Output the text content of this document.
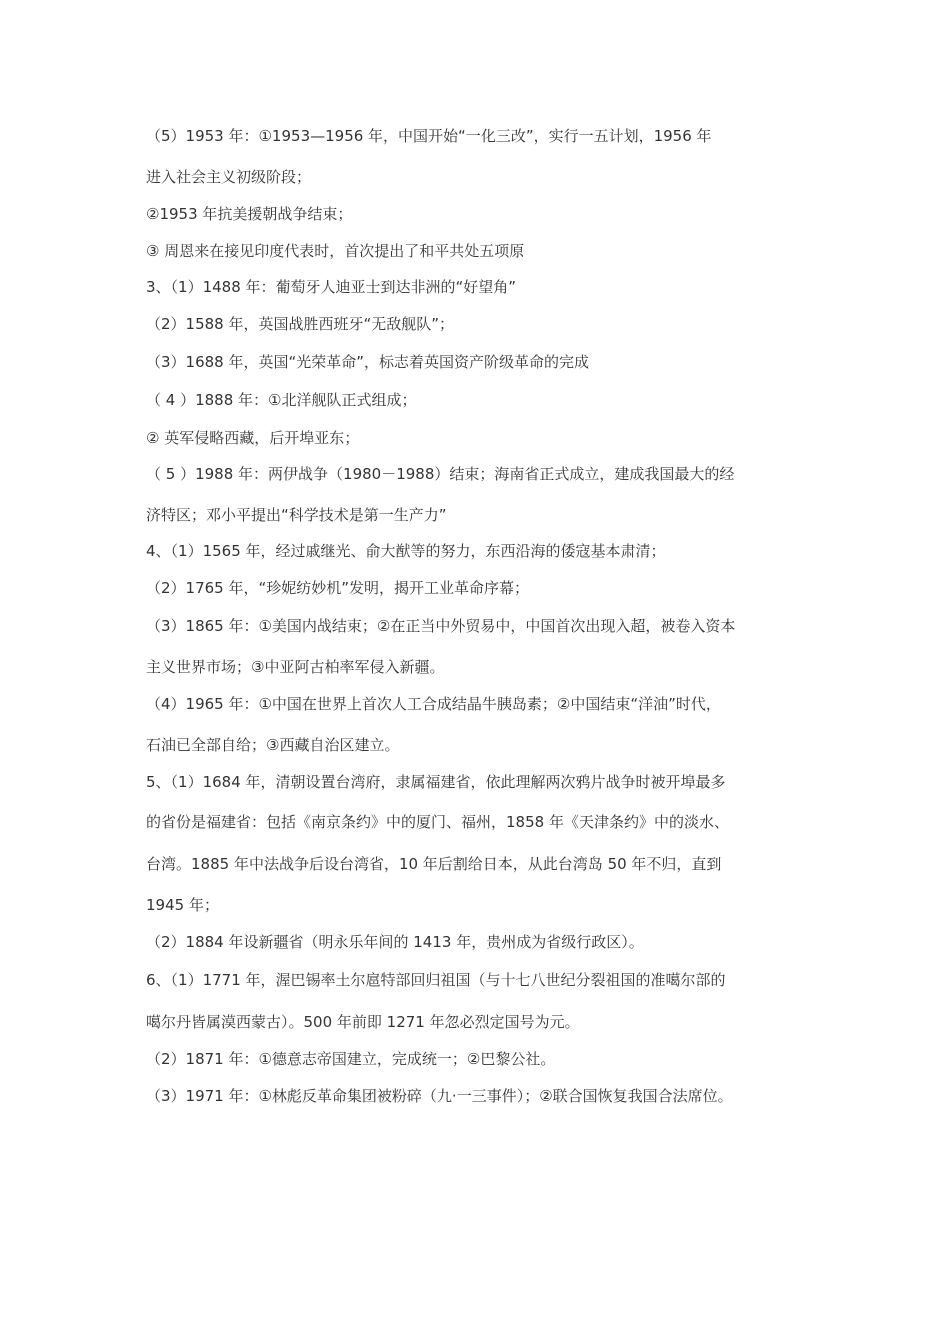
（5）1953 年：①1953—1956 年，中国开始“一化三改”，实行一五计划，1956 年
进入社会主义初级阶段；
②1953 年抗美援朝战争结束；
③ 周恩来在接见印度代表时，首次提出了和平共处五项原
3、（1）1488 年：葡萄牙人迪亚士到达非洲的“好望角”
（2）1588 年，英国战胜西班牙“无敌舰队”；
（3）1688 年，英国“光荣革命”，标志着英国资产阶级革命的完成
（ 4 ）1888 年：①北洋舰队正式组成；
② 英军侵略西藏，后开埠亚东；
（ 5 ）1988 年：两伊战争（1980－1988）结束；海南省正式成立，建成我国最大的经
济特区；邓小平提出“科学技术是第一生产力”
4、（1）1565 年，经过戚继光、俞大猷等的努力，东西沿海的倭寇基本肃清；
（2）1765 年，“珍妮纺妙机”发明，揭开工业革命序幕；
（3）1865 年：①美国内战结束；②在正当中外贸易中，中国首次出现入超，被卷入资本
主义世界市场；③中亚阿古柏率军侵入新疆。
（4）1965 年：①中国在世界上首次人工合成结晶牛胰岛素；②中国结束“洋油”时代，
石油已全部自给；③西藏自治区建立。
5、（1）1684 年，清朝设置台湾府，隶属福建省，依此理解两次鸦片战争时被开埠最多
的省份是福建省：包括《南京条约》中的厦门、福州，1858 年《天津条约》中的淡水、
台湾。1885 年中法战争后设台湾省，10 年后割给日本，从此台湾岛 50 年不归，直到
1945 年；
（2）1884 年设新疆省（明永乐年间的 1413 年，贵州成为省级行政区）。
6、（1）1771 年，渥巴锡率土尔扈特部回归祖国（与十七八世纪分裂祖国的准噶尔部的
噶尔丹皆属漠西蒙古）。500 年前即 1271 年忽必烈定国号为元。
（2）1871 年：①德意志帝国建立，完成统一；②巴黎公社。
（3）1971 年：①林彪反革命集团被粉碎（九·一三事件）；②联合国恢复我国合法席位。
